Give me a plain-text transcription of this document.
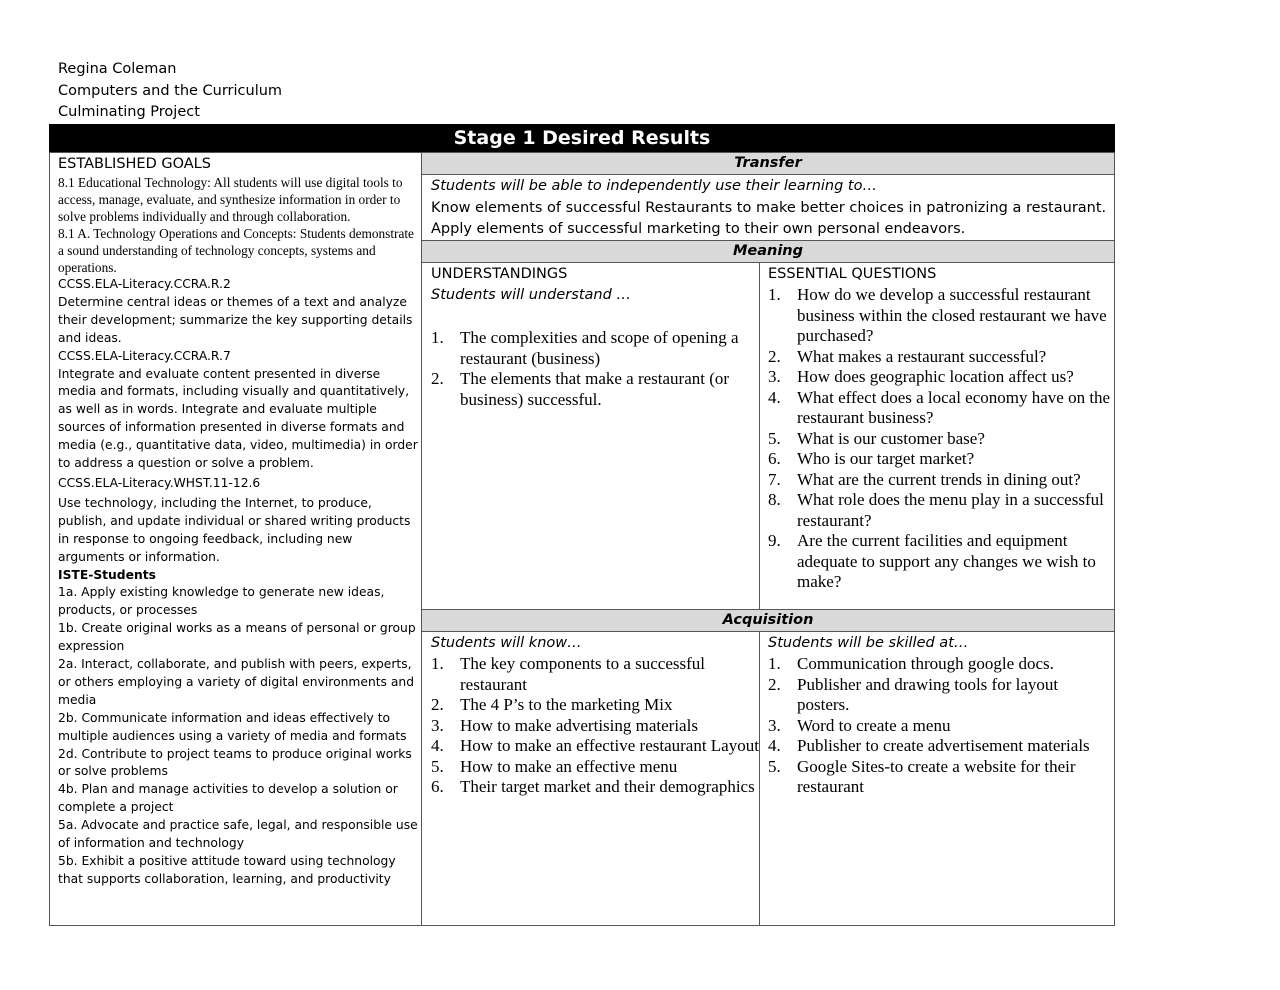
Regina Coleman
Computers and the Curriculum
Culminating Project
Stage 1 Desired Results
ESTABLISHED GOALS
8.1 Educational Technology: All students will use digital tools to access, manage, evaluate, and synthesize information in order to solve problems individually and through collaboration.
8.1 A. Technology Operations and Concepts: Students demonstrate a sound understanding of technology concepts, systems and operations.
CCSS.ELA-Literacy.CCRA.R.2
Determine central ideas or themes of a text and analyze their development; summarize the key supporting details and ideas.
CCSS.ELA-Literacy.CCRA.R.7
Integrate and evaluate content presented in diverse media and formats, including visually and quantitatively, as well as in words. Integrate and evaluate multiple sources of information presented in diverse formats and media (e.g., quantitative data, video, multimedia) in order to address a question or solve a problem.
CCSS.ELA-Literacy.WHST.11-12.6
Use technology, including the Internet, to produce, publish, and update individual or shared writing products in response to ongoing feedback, including new arguments or information.
ISTE-Students
1a. Apply existing knowledge to generate new ideas, products, or processes
1b. Create original works as a means of personal or group expression
2a. Interact, collaborate, and publish with peers, experts, or others employing a variety of digital environments and media
2b. Communicate information and ideas effectively to multiple audiences using a variety of media and formats
2d. Contribute to project teams to produce original works or solve problems
4b. Plan and manage activities to develop a solution or complete a project
5a. Advocate and practice safe, legal, and responsible use of information and technology
5b. Exhibit a positive attitude toward using technology that supports collaboration, learning, and productivity
Transfer
Students will be able to independently use their learning to…
Know elements of successful Restaurants to make better choices in patronizing a restaurant.
Apply elements of successful marketing to their own personal endeavors.
Meaning
UNDERSTANDINGS
Students will understand …
1. The complexities and scope of opening a restaurant (business)
2. The elements that make a restaurant (or business) successful.
ESSENTIAL QUESTIONS
1. How do we develop a successful restaurant business within the closed restaurant we have purchased?
2. What makes a restaurant successful?
3. How does geographic location affect us?
4. What effect does a local economy have on the restaurant business?
5. What is our customer base?
6. Who is our target market?
7. What are the current trends in dining out?
8. What role does the menu play in a successful restaurant?
9. Are the current facilities and equipment adequate to support any changes we wish to make?
Acquisition
Students will know…
1. The key components to a successful restaurant
2. The 4 P’s to the marketing Mix
3. How to make advertising materials
4. How to make an effective restaurant Layout
5. How to make an effective menu
6. Their target market and their demographics
Students will be skilled at…
1. Communication through google docs.
2. Publisher and drawing tools for layout posters.
3. Word to create a menu
4. Publisher to create advertisement materials
5. Google Sites-to create a website for their restaurant
